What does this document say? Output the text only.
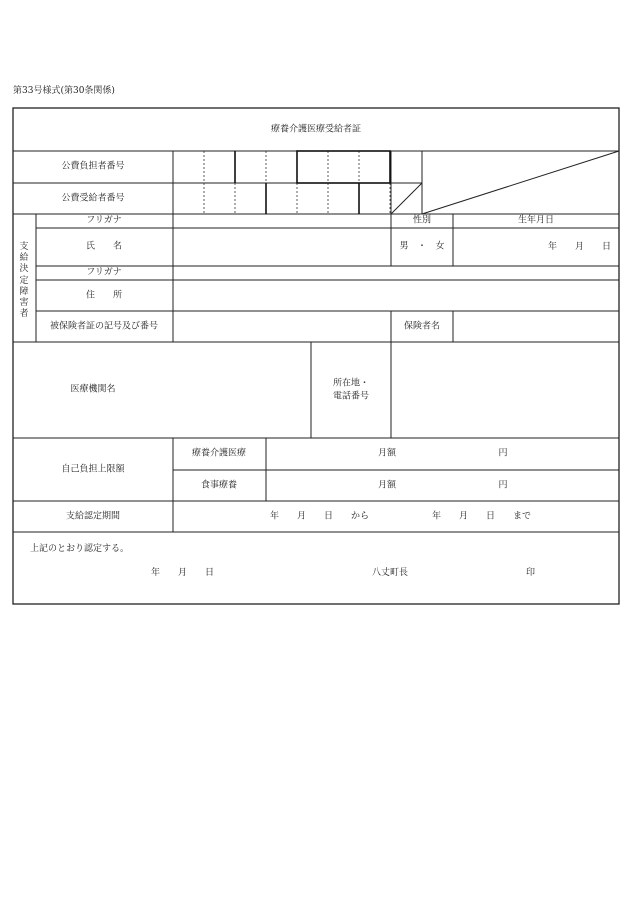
第33号様式(第30条関係)
療養介護医療受給者証
公費負担者番号
公費受給者番号
支給決定障害者
フリガナ	性別	生年月日
氏　　名	男　・　女	年　　月　　日
フリガナ
住　　所
被保険者証の記号及び番号	保険者名
医療機関名
所在地・
電話番号
自己負担上限額
療養介護医療	月額	円
食事療養	月額	円
支給認定期間	年　　月　　日　　から　　　　　　　年　　月　　日　　まで
上記のとおり認定する。
年　　月　　日	八丈町長	印
